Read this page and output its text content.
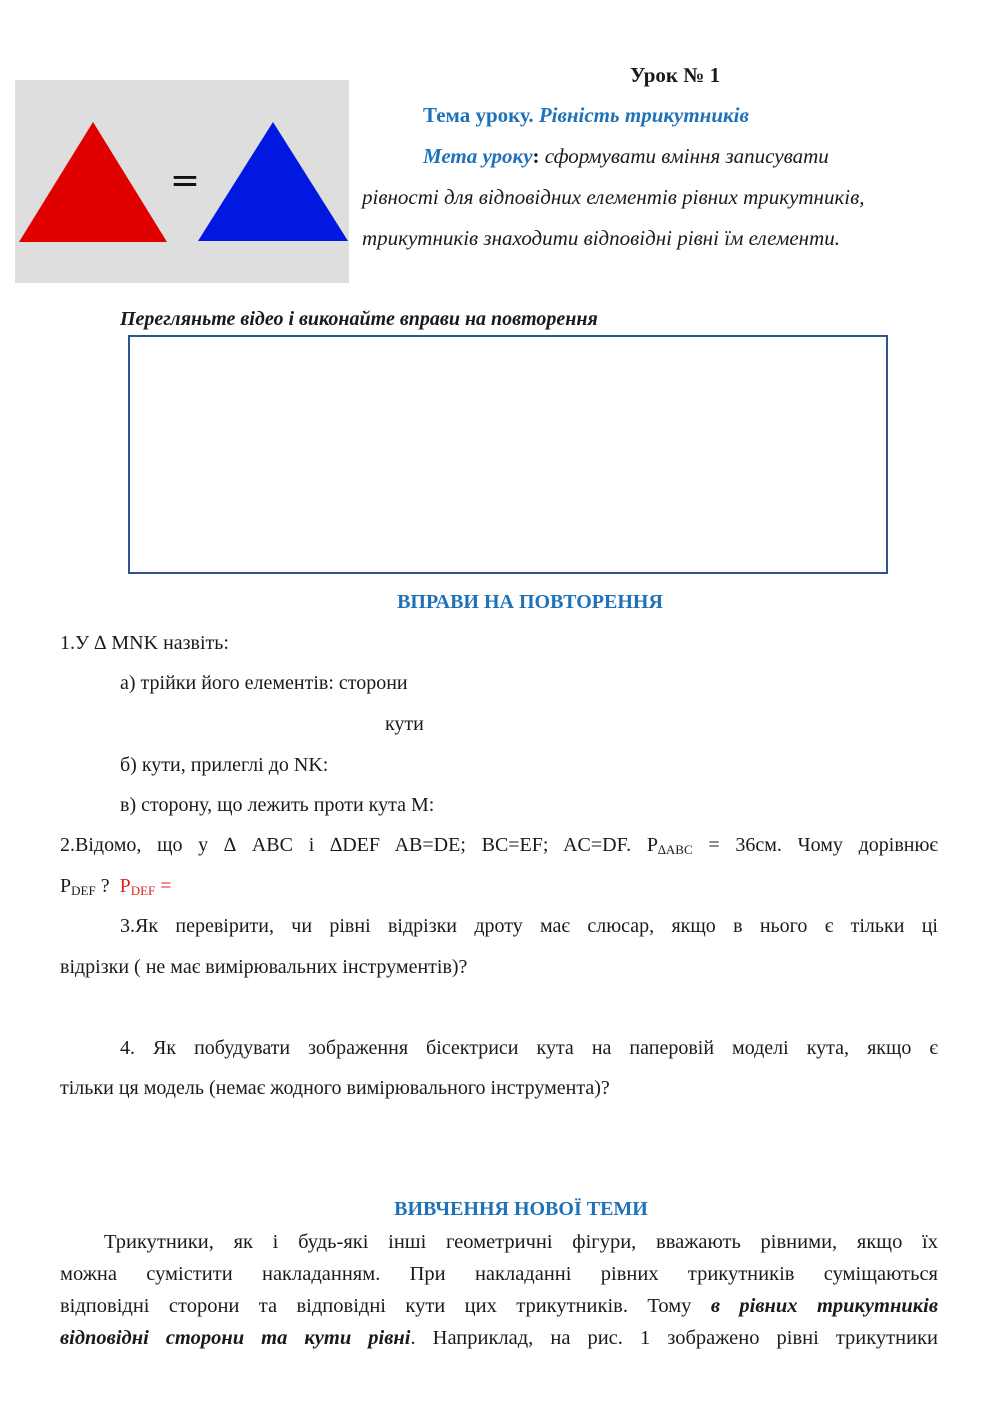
=
Урок № 1
Тема уроку. Рівність трикутників
Мета уроку: сформувати вміння записувати
рівності для відповідних елементів рівних трикутників,
трикутників знаходити відповідні рівні їм елементи.
Перегляньте відео і виконайте вправи на повторення
ВПРАВИ НА ПОВТОРЕННЯ
1.У ∆ MNK назвіть:
а) трійки його елементів: сторони
кути
б) кути, прилеглі до NK:
в) сторону, що лежить проти кута М:
2.Відомо, що у ∆ ABC і ∆DEF AB=DE; BC=EF; AC=DF. P∆ABC = 36см. Чому дорівнює
PDEF ?  PDEF =
3.Як перевірити, чи рівні відрізки дроту має слюсар, якщо в нього є тільки ці
відрізки ( не має вимірювальних інструментів)?
4. Як побудувати зображення бісектриси кута на паперовій моделі кута, якщо є
тільки ця модель (немає жодного вимірювального інструмента)?
ВИВЧЕННЯ НОВОЇ ТЕМИ
Трикутники, як і будь-які інші геометричні фігури, вважають рівними, якщо їх
можна сумістити накладанням. При накладанні рівних трикутників суміщаються
відповідні сторони та відповідні кути цих трикутників. Тому в рівних трикутників
відповідні сторони та кути рівні. Наприклад, на рис. 1 зображено рівні трикутники
